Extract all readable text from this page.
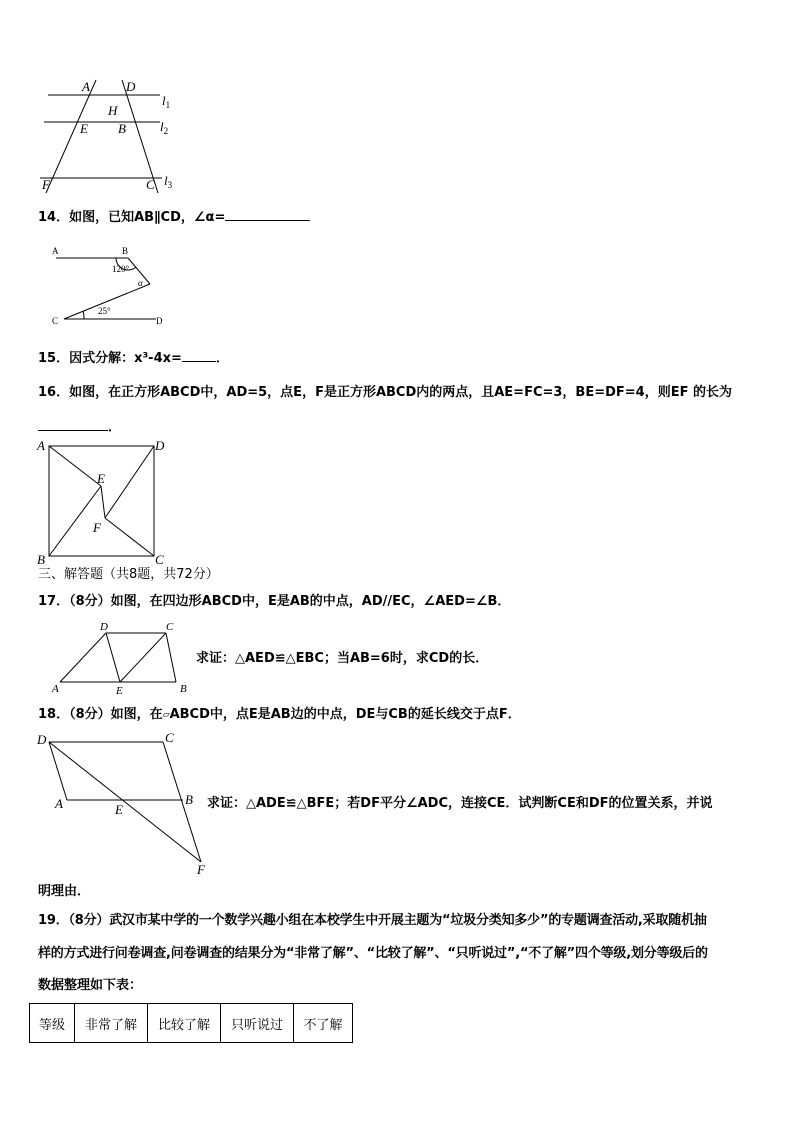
A	D
H
E B
F	C
$l_1$
$l_2$
$l_3$
14．如图，已知AB∥CD，∠α=
A	B
C	D
120°
25°
α
15．因式分解：x³-4x=	．
16．如图，在正方形ABCD中，AD=5，点E，F是正方形ABCD内的两点，且AE=FC=3，BE=DF=4，则EF 的长为
．
A	D
E
F
B	C
三、解答题（共8题，共72分）
17．（8分）如图，在四边形ABCD中，E是AB的中点，AD//EC，∠AED=∠B．
D	C
A	E	B
求证：△AED≌△EBC；当AB=6时，求CD的长．
18．（8分）如图，在▱ABCD中，点E是AB边的中点，DE与CB的延长线交于点F．
D	C
A	E
B
F
求证：△ADE≌△BFE；若DF平分∠ADC，连接CE．试判断CE和DF的位置关系，并说
明理由．
19．（8分）武汉市某中学的一个数学兴趣小组在本校学生中开展主题为“垃圾分类知多少”的专题调查活动,采取随机抽
样的方式进行问卷调查,问卷调查的结果分为“非常了解”、“比较了解”、“只听说过”,“不了解”四个等级,划分等级后的
数据整理如下表：
等级	非常了解	比较了解	只听说过	不了解
